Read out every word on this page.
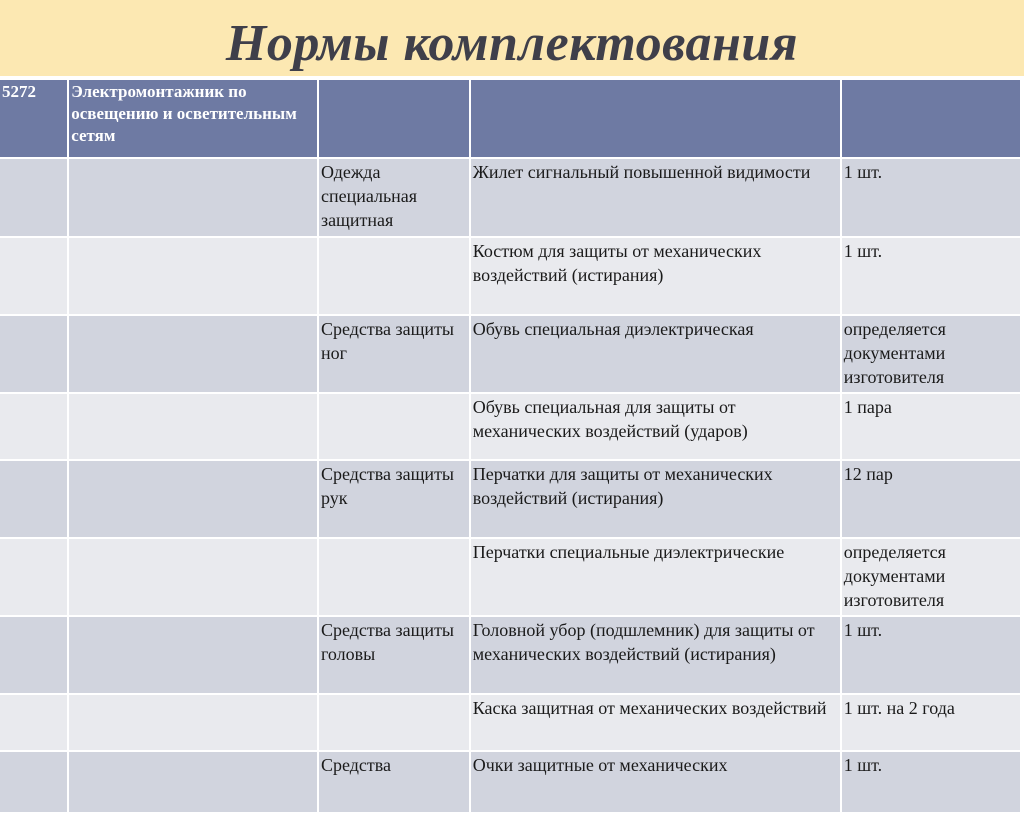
Нормы комплектования
5272	Электромонтажник по освещению и осветительным сетям			
		Одежда специальная защитная	Жилет сигнальный повышенной видимости	1 шт.
			Костюм для защиты от механических воздействий (истирания)	1 шт.
		Средства защиты ног	Обувь специальная диэлектрическая	определяется документами изготовителя
			Обувь специальная для защиты от механических воздействий (ударов)	1 пара
		Средства защиты рук	Перчатки для защиты от механических воздействий (истирания)	12 пар
			Перчатки специальные диэлектрические	определяется документами изготовителя
		Средства защиты головы	Головной убор (подшлемник) для защиты от механических воздействий (истирания)	1 шт.
			Каска защитная от механических воздействий	1 шт. на 2 года
		Средства	Очки защитные от механических	1 шт.
